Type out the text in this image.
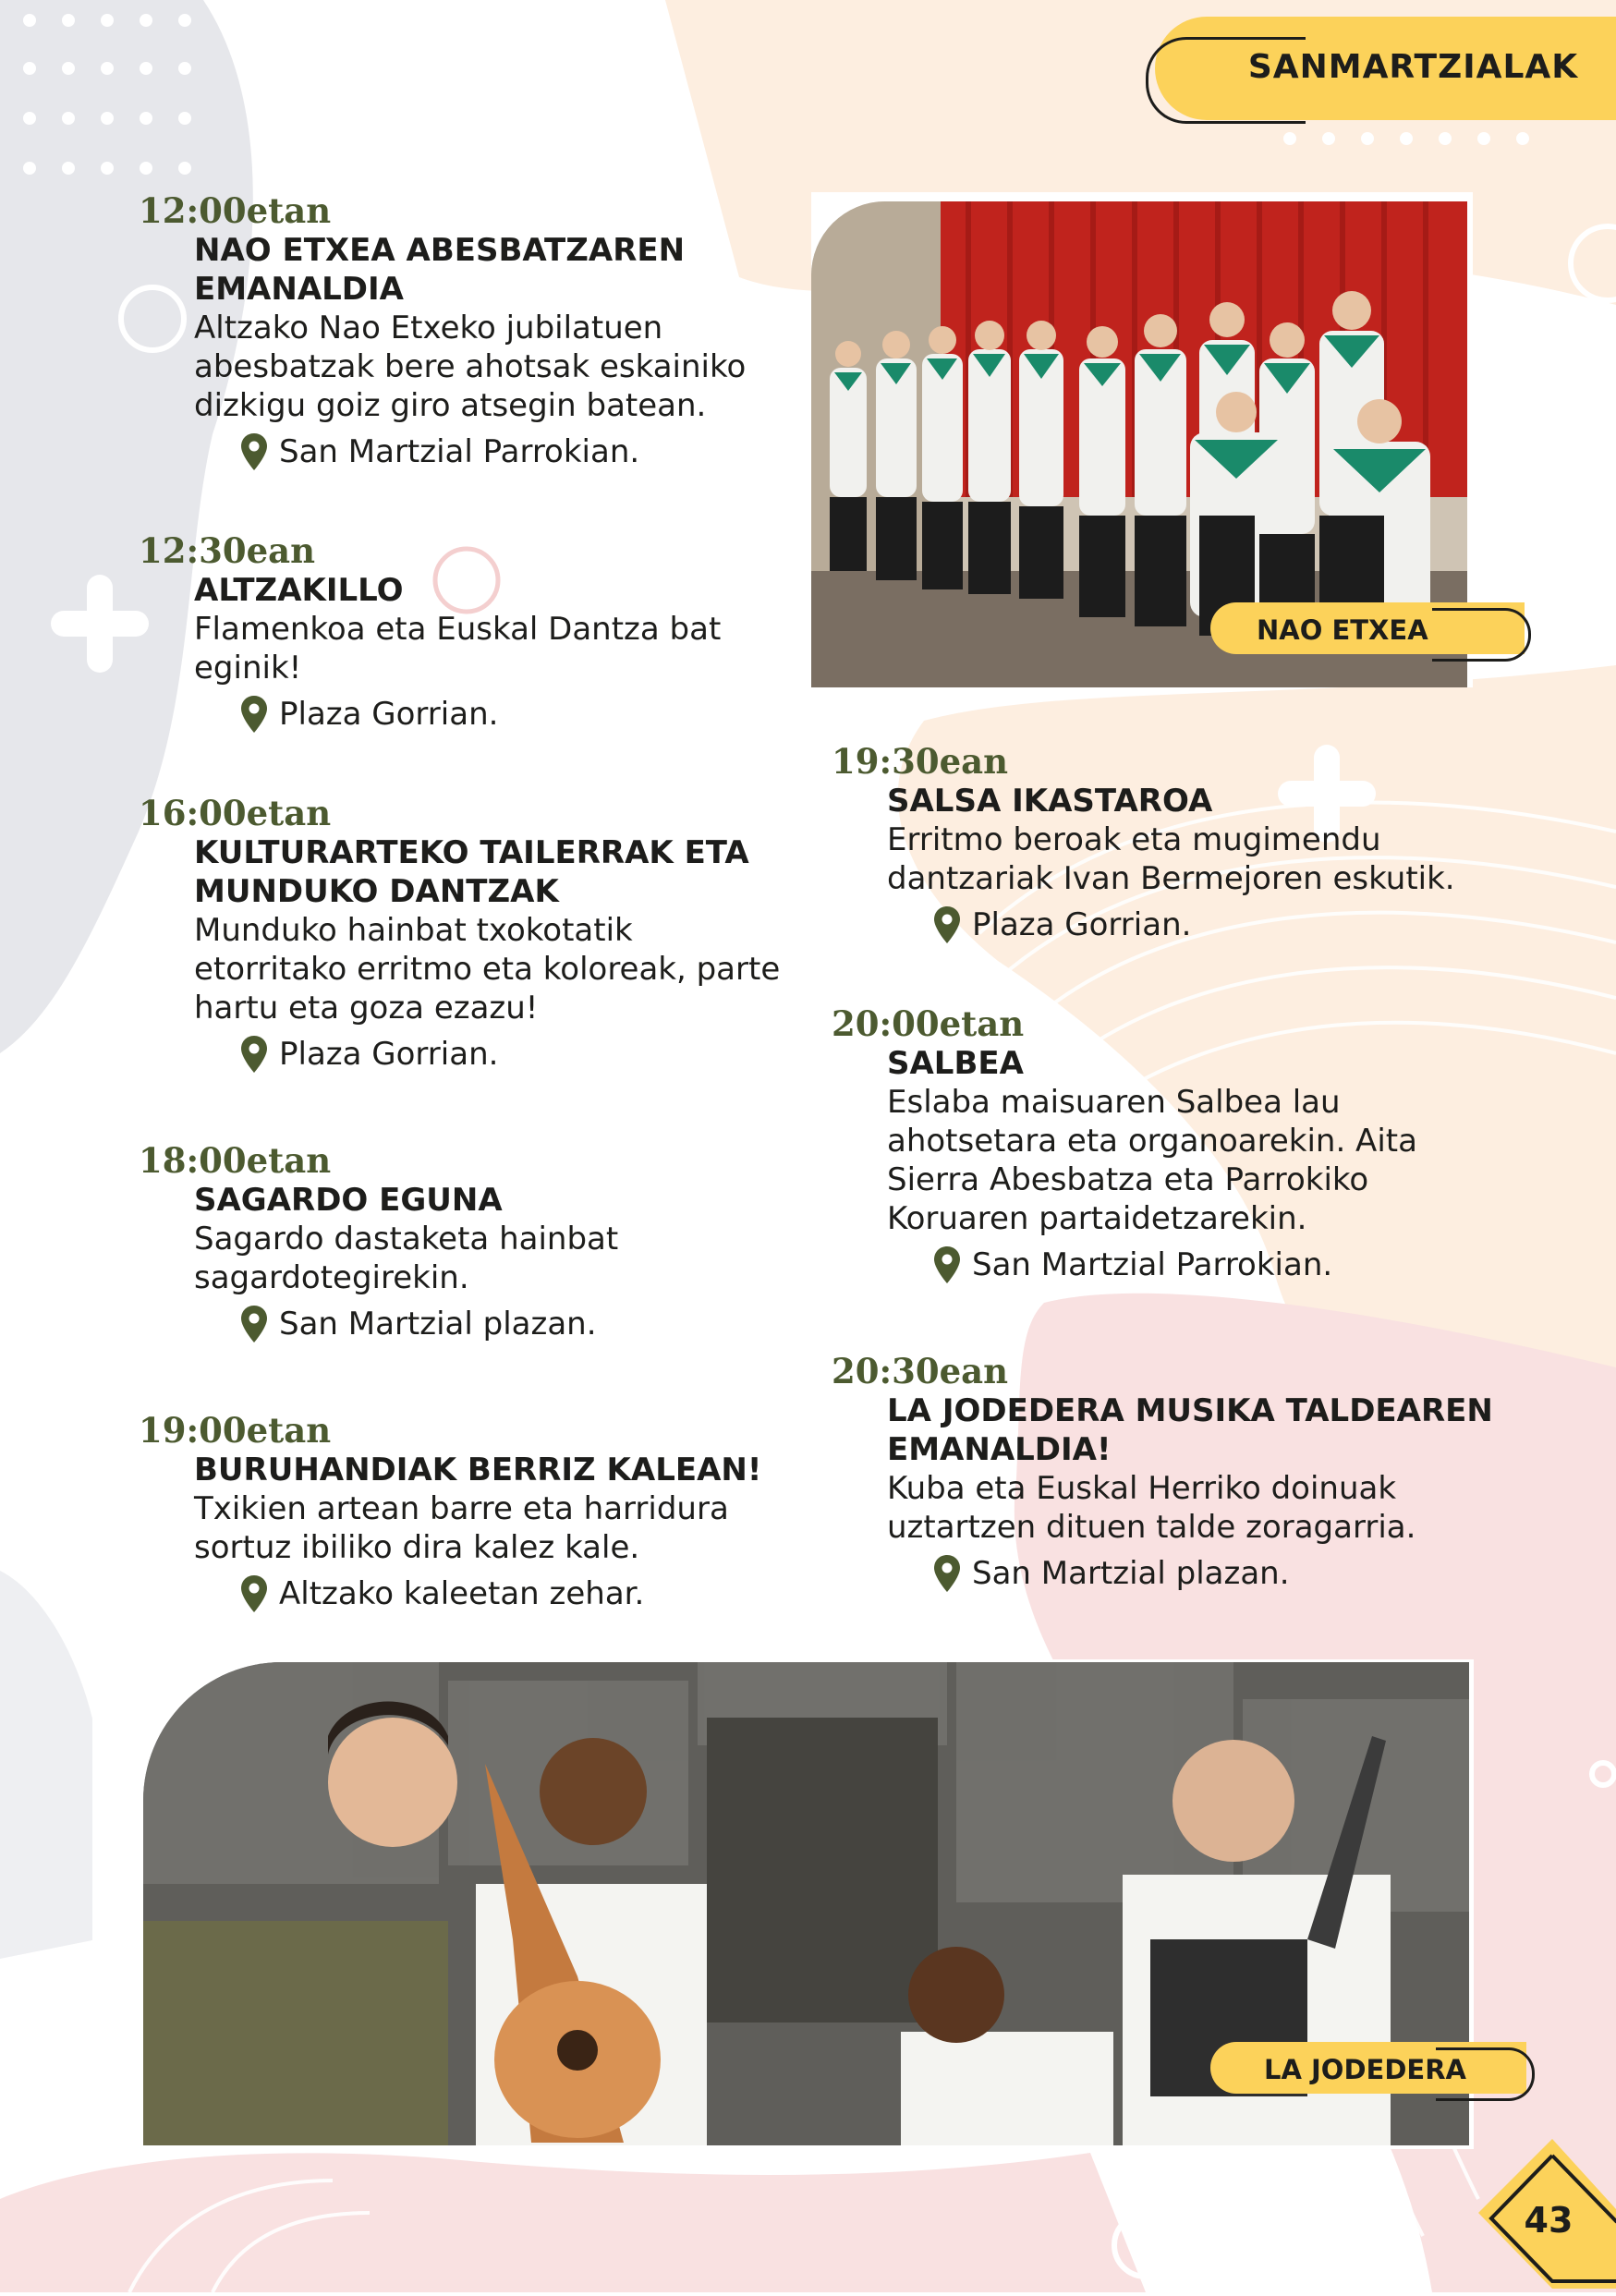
SANMARTZIALAK
12:00etan
NAO ETXEA ABESBATZAREN EMANALDIA
Altzako Nao Etxeko jubilatuen abesbatzak bere ahotsak eskainiko dizkigu goiz giro atsegin batean.
San Martzial Parrokian.
12:30ean
ALTZAKILLO
Flamenkoa eta Euskal Dantza bat eginik!
Plaza Gorrian.
16:00etan
KULTURARTEKO TAILERRAK ETA MUNDUKO DANTZAK
Munduko hainbat txokotatik etorritako erritmo eta koloreak, parte hartu eta goza ezazu!
Plaza Gorrian.
18:00etan
SAGARDO EGUNA
Sagardo dastaketa hainbat sagardotegirekin.
San Martzial plazan.
19:00etan
BURUHANDIAK BERRIZ KALEAN!
Txikien artean barre eta harridura sortuz ibiliko dira kalez kale.
Altzako kaleetan zehar.
19:30ean
SALSA IKASTAROA
Erritmo beroak eta mugimendu dantzariak Ivan Bermejoren eskutik.
Plaza Gorrian.
20:00etan
SALBEA
Eslaba maisuaren Salbea lau ahotsetara eta organoarekin. Aita Sierra Abesbatza eta Parrokiko Koruaren partaidetzarekin.
San Martzial Parrokian.
20:30ean
LA JODEDERA MUSIKA TALDEAREN EMANALDIA!
Kuba eta Euskal Herriko doinuak uztartzen dituen talde zoragarria.
San Martzial plazan.
NAO ETXEA
LA JODEDERA
43
